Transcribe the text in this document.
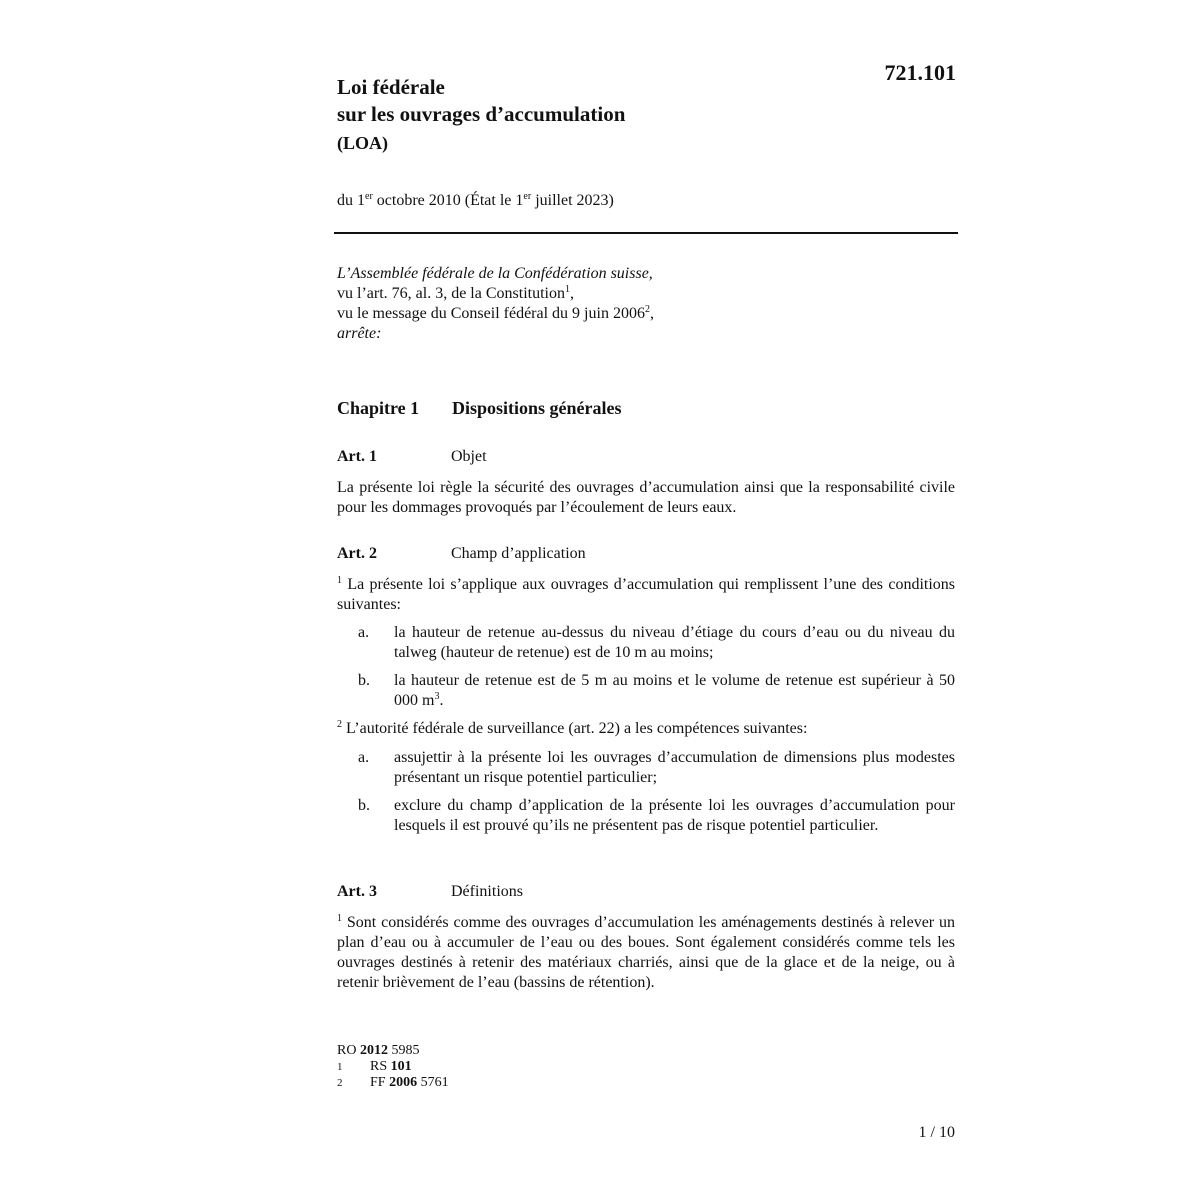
721.101
Loi fédérale
sur les ouvrages d’accumulation
(LOA)
du 1er octobre 2010 (État le 1er juillet 2023)
L’Assemblée fédérale de la Confédération suisse,
vu l’art. 76, al. 3, de la Constitution$^1$,
vu le message du Conseil fédéral du 9 juin 2006$^2$,
arrête:
Chapitre 1 Dispositions générales
Art. 1	Objet
La présente loi règle la sécurité des ouvrages d’accumulation ainsi que la responsabilité civile pour les dommages provoqués par l’écoulement de leurs eaux.
Art. 2	Champ d’application
$^1$ La présente loi s’applique aux ouvrages d’accumulation qui remplissent l’une des conditions suivantes:
a. la hauteur de retenue au-dessus du niveau d’étiage du cours d’eau ou du niveau du talweg (hauteur de retenue) est de 10 m au moins;
b. la hauteur de retenue est de 5 m au moins et le volume de retenue est supérieur à 50 000 $m^3$.
$^2$ L’autorité fédérale de surveillance (art. 22) a les compétences suivantes:
a. assujettir à la présente loi les ouvrages d’accumulation de dimensions plus modestes présentant un risque potentiel particulier;
b. exclure du champ d’application de la présente loi les ouvrages d’accumulation pour lesquels il est prouvé qu’ils ne présentent pas de risque potentiel particulier.
Art. 3	Définitions
$^1$ Sont considérés comme des ouvrages d’accumulation les aménagements destinés à relever un plan d’eau ou à accumuler de l’eau ou des boues. Sont également considérés comme tels les ouvrages destinés à retenir des matériaux charriés, ainsi que de la glace et de la neige, ou à retenir brièvement de l’eau (bassins de rétention).
RO 2012 5985
1	RS 101
2	FF 2006 5761
1 / 10
